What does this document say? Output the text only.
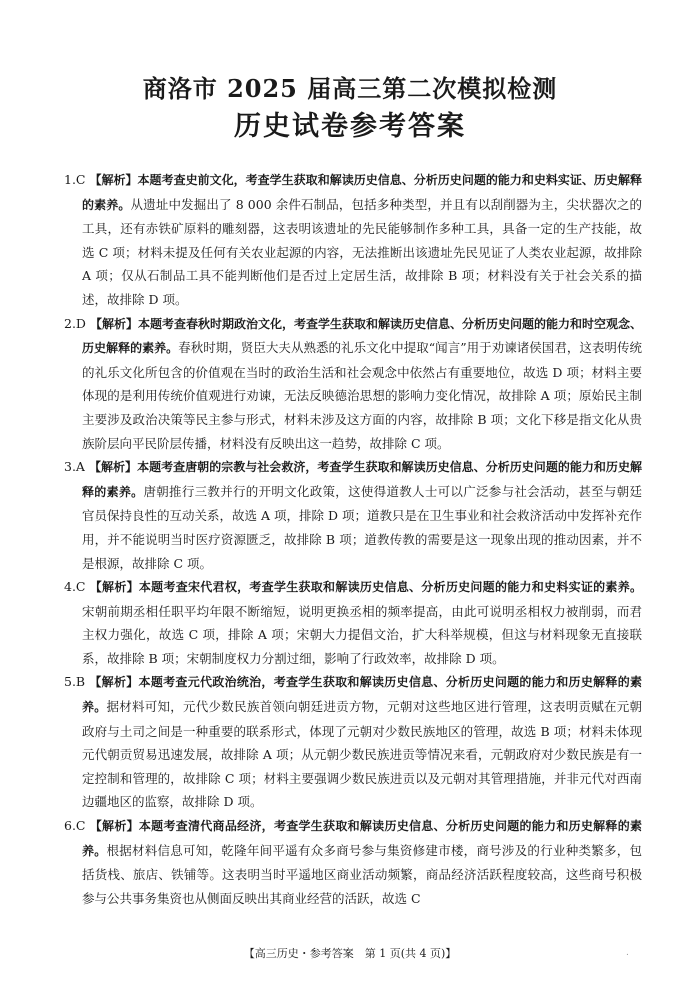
商洛市 2025 届高三第二次模拟检测
历史试卷参考答案

1.C 【解析】本题考查史前文化，考查学生获取和解读历史信息、分析历史问题的能力和史料实证、历史解释的素养。从遗址中发掘出了 8 000 余件石制品，包括多种类型，并且有以刮削器为主，尖状器次之的工具，还有赤铁矿原料的雕刻器，这表明该遗址的先民能够制作多种工具，具备一定的生产技能，故选 C 项；材料未提及任何有关农业起源的内容，无法推断出该遗址先民见证了人类农业起源，故排除 A 项；仅从石制品工具不能判断他们是否过上定居生活，故排除 B 项；材料没有关于社会关系的描述，故排除 D 项。

2.D 【解析】本题考查春秋时期政治文化，考查学生获取和解读历史信息、分析历史问题的能力和时空观念、历史解释的素养。春秋时期，贤臣大夫从熟悉的礼乐文化中提取“闻言”用于劝谏诸侯国君，这表明传统的礼乐文化所包含的价值观在当时的政治生活和社会观念中依然占有重要地位，故选 D 项；材料主要体现的是利用传统价值观进行劝谏，无法反映德治思想的影响力变化情况，故排除 A 项；原始民主制主要涉及政治决策等民主参与形式，材料未涉及这方面的内容，故排除 B 项；文化下移是指文化从贵族阶层向平民阶层传播，材料没有反映出这一趋势，故排除 C 项。

3.A 【解析】本题考查唐朝的宗教与社会救济，考查学生获取和解读历史信息、分析历史问题的能力和历史解释的素养。唐朝推行三教并行的开明文化政策，这使得道教人士可以广泛参与社会活动，甚至与朝廷官员保持良性的互动关系，故选 A 项，排除 D 项；道教只是在卫生事业和社会救济活动中发挥补充作用，并不能说明当时医疗资源匮乏，故排除 B 项；道教传教的需要是这一现象出现的推动因素，并不是根源，故排除 C 项。

4.C 【解析】本题考查宋代君权，考查学生获取和解读历史信息、分析历史问题的能力和史料实证的素养。宋朝前期丞相任职平均年限不断缩短，说明更换丞相的频率提高，由此可说明丞相权力被削弱，而君主权力强化，故选 C 项，排除 A 项；宋朝大力提倡文治，扩大科举规模，但这与材料现象无直接联系，故排除 B 项；宋朝制度权力分割过细，影响了行政效率，故排除 D 项。

5.B 【解析】本题考查元代政治统治，考查学生获取和解读历史信息、分析历史问题的能力和历史解释的素养。据材料可知，元代少数民族首领向朝廷进贡方物，元朝对这些地区进行管理，这表明贡赋在元朝政府与土司之间是一种重要的联系形式，体现了元朝对少数民族地区的管理，故选 B 项；材料未体现元代朝贡贸易迅速发展，故排除 A 项；从元朝少数民族进贡等情况来看，元朝政府对少数民族是有一定控制和管理的，故排除 C 项；材料主要强调少数民族进贡以及元朝对其管理措施，并非元代对西南边疆地区的监察，故排除 D 项。

6.C 【解析】本题考查清代商品经济，考查学生获取和解读历史信息、分析历史问题的能力和历史解释的素养。根据材料信息可知，乾隆年间平遥有众多商号参与集资修建市楼，商号涉及的行业种类繁多，包括货栈、旅店、铁铺等。这表明当时平遥地区商业活动频繁，商品经济活跃程度较高，这些商号积极参与公共事务集资也从侧面反映出其商业经营的活跃，故选 C

【高三历史・参考答案　第 1 页(共 4 页)】	.
